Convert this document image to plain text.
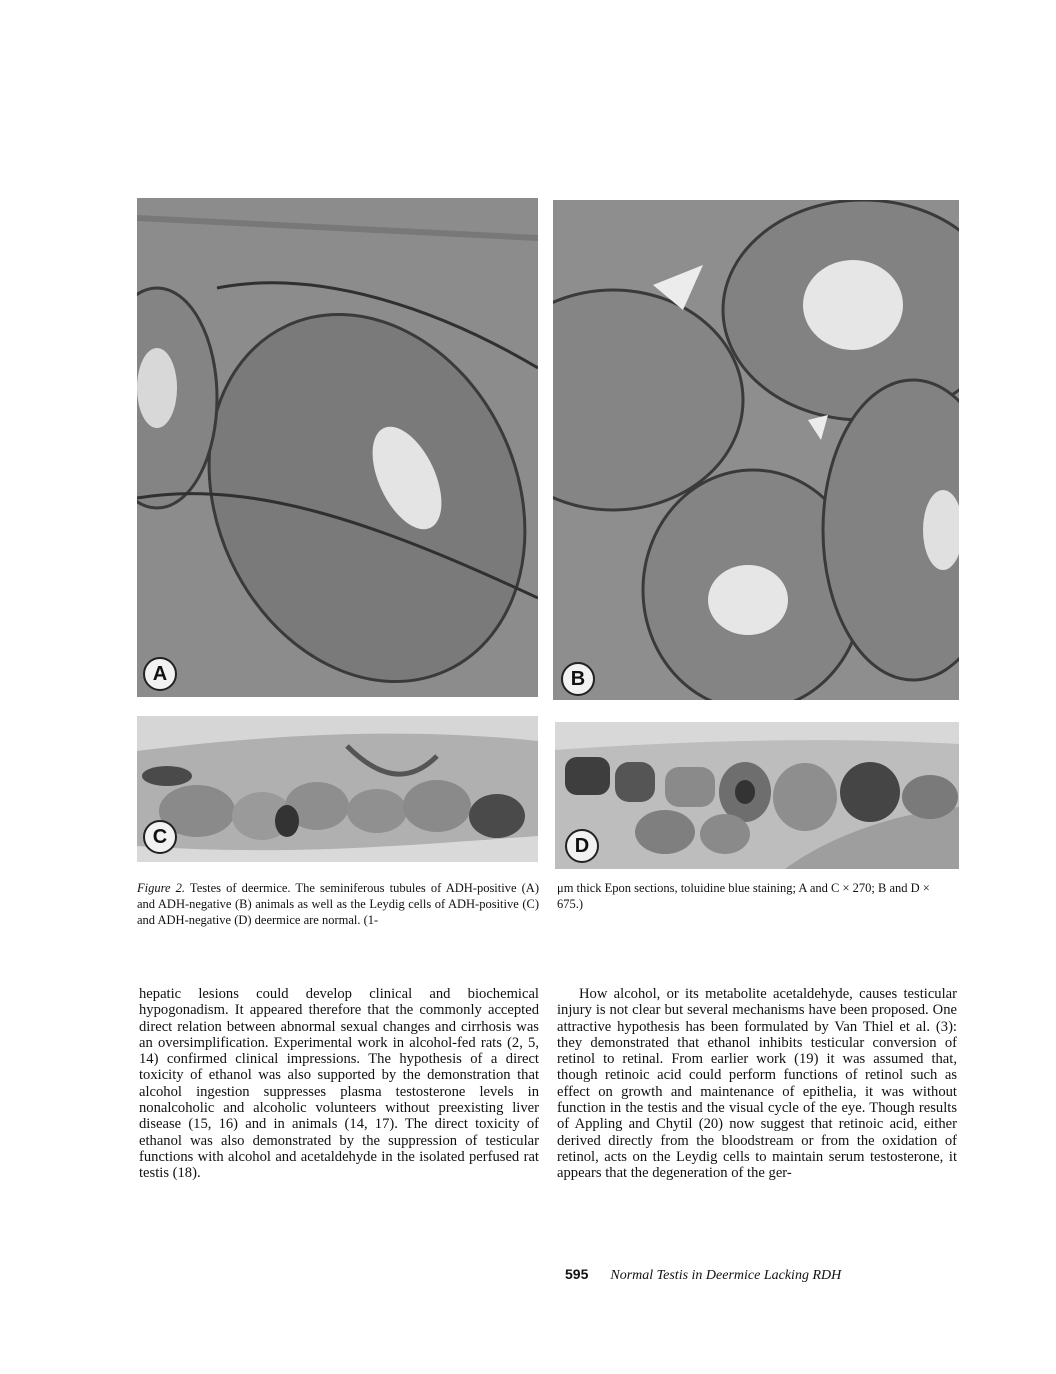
A	B
C	D
Figure 2. Testes of deermice. The seminiferous tubules of ADH-positive (A) and ADH-negative (B) animals as well as the Leydig cells of ADH-positive (C) and ADH-negative (D) deermice are normal. (1-
μm thick Epon sections, toluidine blue staining; A and C × 270; B and D × 675.)

hepatic lesions could develop clinical and biochemical hypogonadism. It appeared therefore that the commonly accepted direct relation between abnormal sexual changes and cirrhosis was an oversimplification. Experimental work in alcohol-fed rats (2, 5, 14) confirmed clinical impressions. The hypothesis of a direct toxicity of ethanol was also supported by the demonstration that alcohol ingestion suppresses plasma testosterone levels in nonalcoholic and alcoholic volunteers without preexisting liver disease (15, 16) and in animals (14, 17). The direct toxicity of ethanol was also demonstrated by the suppression of testicular functions with alcohol and acetaldehyde in the isolated perfused rat testis (18).

How alcohol, or its metabolite acetaldehyde, causes testicular injury is not clear but several mechanisms have been proposed. One attractive hypothesis has been formulated by Van Thiel et al. (3): they demonstrated that ethanol inhibits testicular conversion of retinol to retinal. From earlier work (19) it was assumed that, though retinoic acid could perform functions of retinol such as effect on growth and maintenance of epithelia, it was without function in the testis and the visual cycle of the eye. Though results of Appling and Chytil (20) now suggest that retinoic acid, either derived directly from the bloodstream or from the oxidation of retinol, acts on the Leydig cells to maintain serum testosterone, it appears that the degeneration of the ger-

595 Normal Testis in Deermice Lacking RDH
